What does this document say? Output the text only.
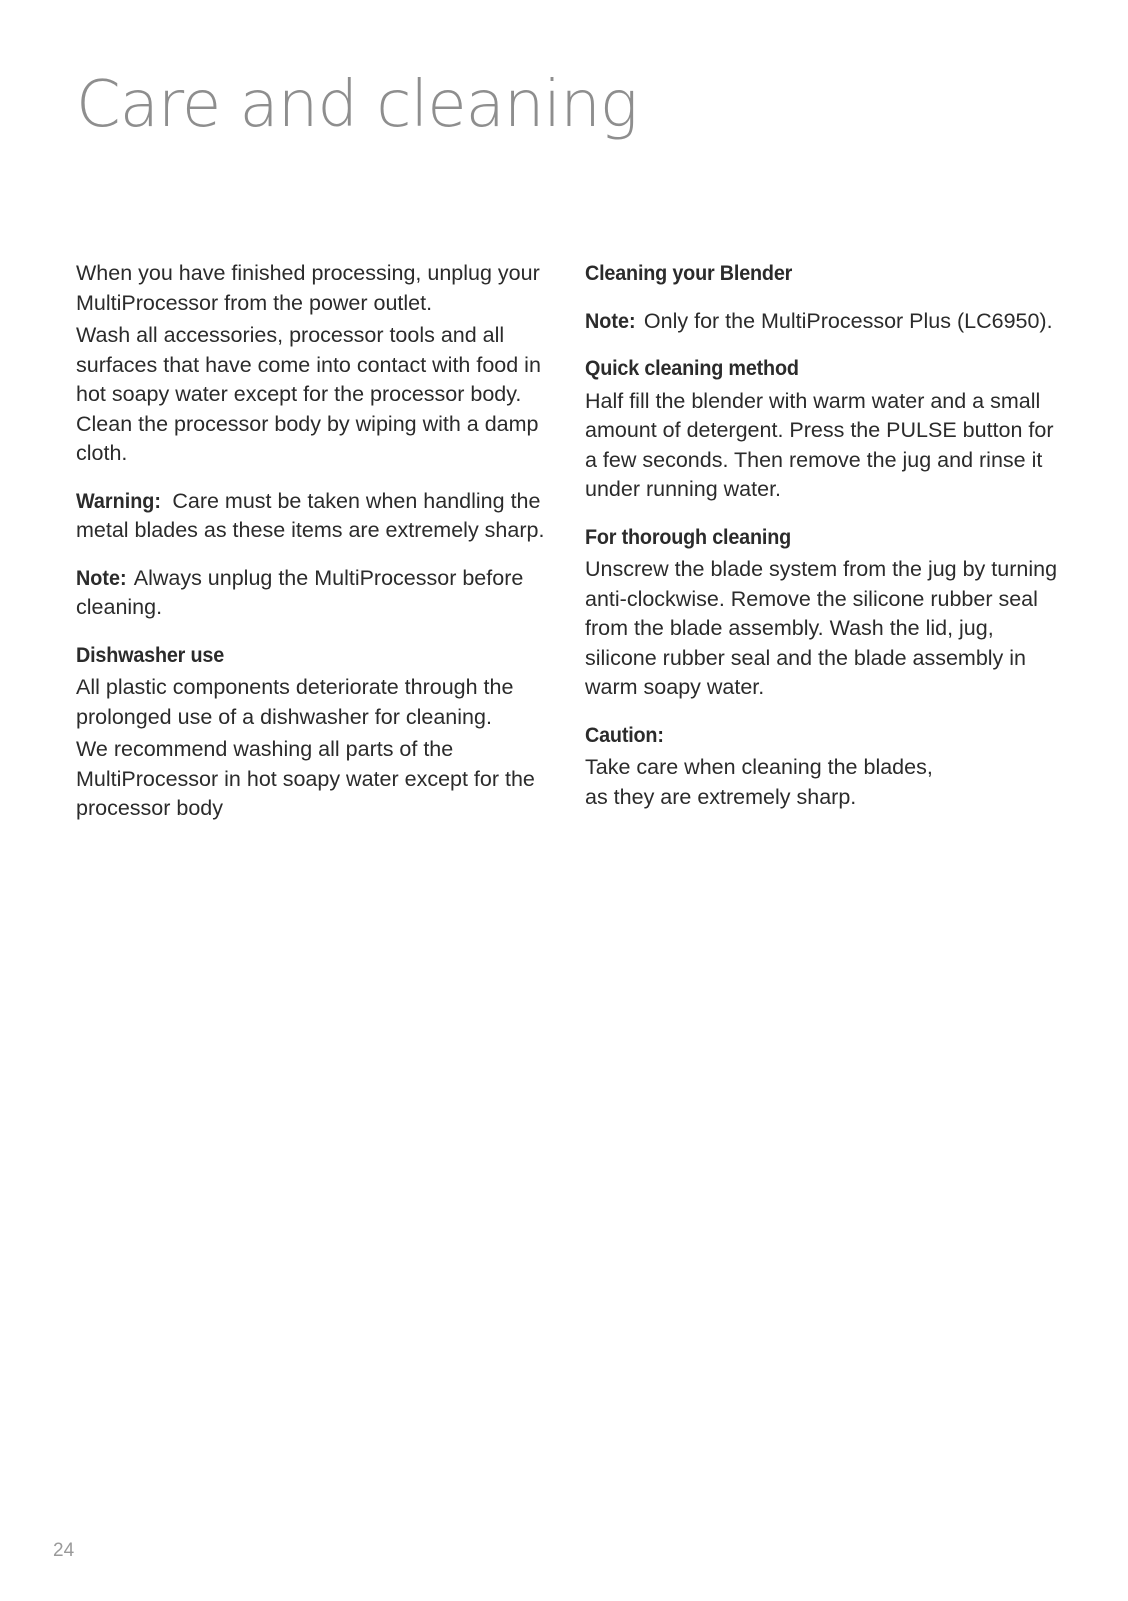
Care and cleaning

When you have finished processing, unplug your MultiProcessor from the power outlet.

Wash all accessories, processor tools and all surfaces that have come into contact with food in hot soapy water except for the processor body. Clean the processor body by wiping with a damp cloth.

Warning: Care must be taken when handling the metal blades as these items are extremely sharp.

Note: Always unplug the MultiProcessor before cleaning.

Dishwasher use

All plastic components deteriorate through the prolonged use of a dishwasher for cleaning.

We recommend washing all parts of the MultiProcessor in hot soapy water except for the processor body

Cleaning your Blender

Note: Only for the MultiProcessor Plus (LC6950).

Quick cleaning method

Half fill the blender with warm water and a small amount of detergent. Press the PULSE button for a few seconds. Then remove the jug and rinse it under running water.

For thorough cleaning

Unscrew the blade system from the jug by turning anti-clockwise. Remove the silicone rubber seal from the blade assembly. Wash the lid, jug, silicone rubber seal and the blade assembly in warm soapy water.

Caution:

Take care when cleaning the blades,
as they are extremely sharp.

24
